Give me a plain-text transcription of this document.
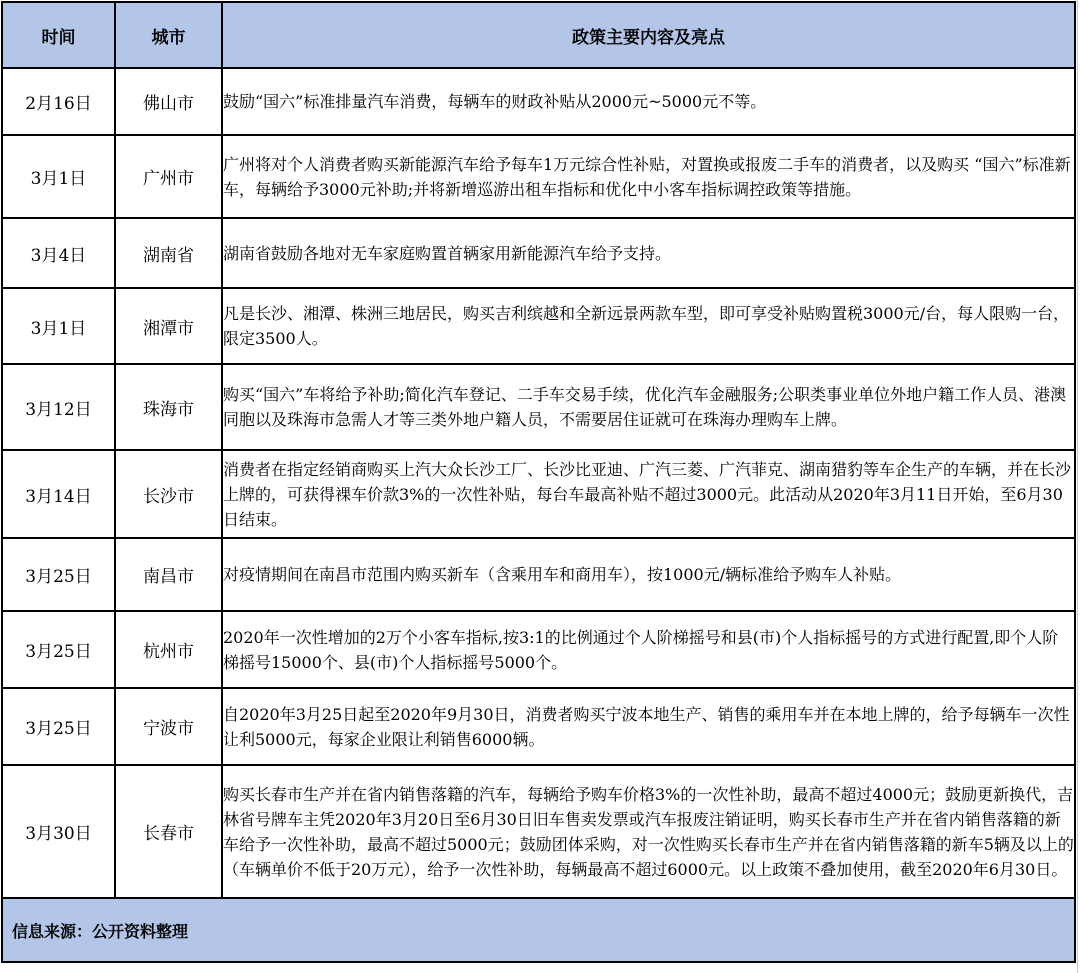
时间	城市	政策主要内容及亮点
2月16日	佛山市	鼓励“国六”标准排量汽车消费，每辆车的财政补贴从2000元~5000元不等。
3月1日	广州市	广州将对个人消费者购买新能源汽车给予每车1万元综合性补贴，对置换或报废二手车的消费者，以及购买 “国六”标准新车，每辆给予3000元补助;并将新增巡游出租车指标和优化中小客车指标调控政策等措施。
3月4日	湖南省	湖南省鼓励各地对无车家庭购置首辆家用新能源汽车给予支持。
3月1日	湘潭市	凡是长沙、湘潭、株洲三地居民，购买吉利缤越和全新远景两款车型，即可享受补贴购置税3000元/台，每人限购一台，限定3500人。
3月12日	珠海市	购买“国六”车将给予补助;简化汽车登记、二手车交易手续，优化汽车金融服务;公职类事业单位外地户籍工作人员、港澳同胞以及珠海市急需人才等三类外地户籍人员，不需要居住证就可在珠海办理购车上牌。
3月14日	长沙市	消费者在指定经销商购买上汽大众长沙工厂、长沙比亚迪、广汽三菱、广汽菲克、湖南猎豹等车企生产的车辆，并在长沙上牌的，可获得裸车价款3%的一次性补贴，每台车最高补贴不超过3000元。此活动从2020年3月11日开始，至6月30日结束。
3月25日	南昌市	对疫情期间在南昌市范围内购买新车（含乘用车和商用车），按1000元/辆标准给予购车人补贴。
3月25日	杭州市	2020年一次性增加的2万个小客车指标,按3:1的比例通过个人阶梯摇号和县(市)个人指标摇号的方式进行配置,即个人阶梯摇号15000个、县(市)个人指标摇号5000个。
3月25日	宁波市	自2020年3月25日起至2020年9月30日，消费者购买宁波本地生产、销售的乘用车并在本地上牌的，给予每辆车一次性让利5000元，每家企业限让利销售6000辆。
3月30日	长春市	购买长春市生产并在省内销售落籍的汽车，每辆给予购车价格3%的一次性补助，最高不超过4000元；鼓励更新换代，吉林省号牌车主凭2020年3月20日至6月30日旧车售卖发票或汽车报废注销证明，购买长春市生产并在省内销售落籍的新车给予一次性补助，最高不超过5000元；鼓励团体采购，对一次性购买长春市生产并在省内销售落籍的新车5辆及以上的（车辆单价不低于20万元），给予一次性补助，每辆最高不超过6000元。以上政策不叠加使用，截至2020年6月30日。
信息来源：公开资料整理		
